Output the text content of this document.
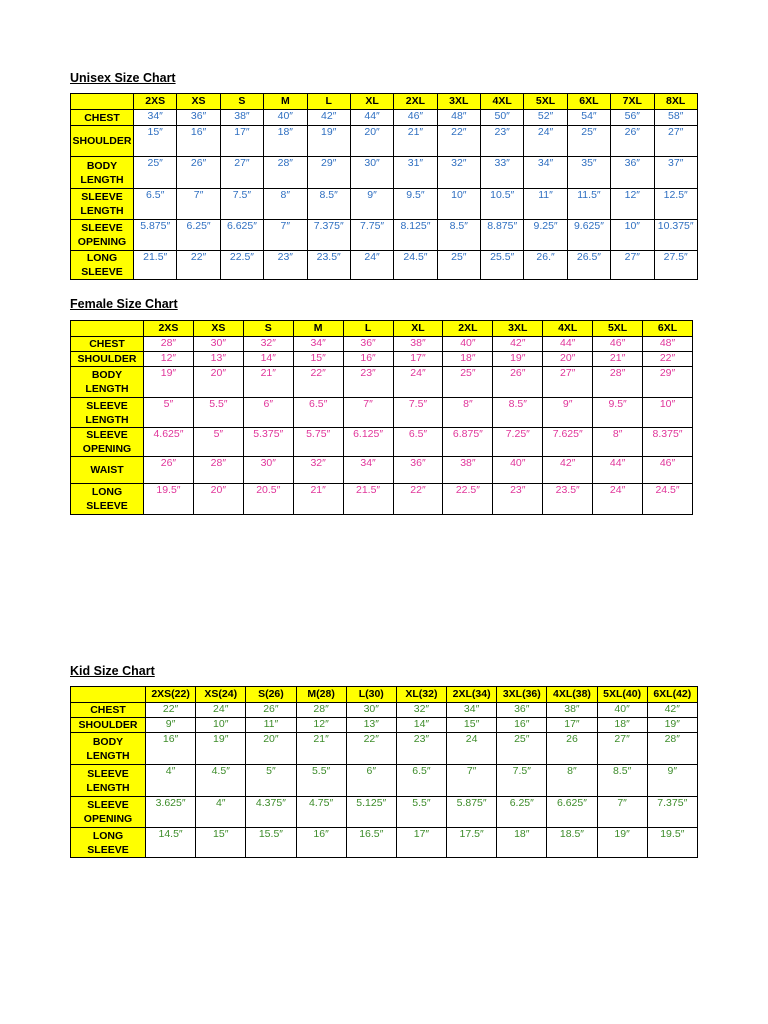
Unisex Size Chart
	2XS	XS	S	M	L	XL	2XL	3XL	4XL	5XL	6XL	7XL	8XL
CHEST	34″	36″	38″	40″	42″	44″	46″	48″	50″	52″	54″	56″	58″
SHOULDER	15″	16″	17″	18″	19″	20″	21″	22″	23″	24″	25″	26″	27″
BODY LENGTH	25″	26″	27″	28″	29″	30″	31″	32″	33″	34″	35″	36″	37″
SLEEVE LENGTH	6.5″	7″	7.5″	8″	8.5″	9″	9.5″	10″	10.5″	11″	11.5″	12″	12.5″
SLEEVE OPENING	5.875″	6.25″	6.625″	7″	7.375″	7.75″	8.125″	8.5″	8.875″	9.25″	9.625″	10″	10.375″
LONG SLEEVE	21.5″	22″	22.5″	23″	23.5″	24″	24.5″	25″	25.5″	26.″	26.5″	27″	27.5″
Female Size Chart
	2XS	XS	S	M	L	XL	2XL	3XL	4XL	5XL	6XL
CHEST	28″	30″	32″	34″	36″	38″	40″	42″	44″	46″	48″
SHOULDER	12″	13″	14″	15″	16″	17″	18″	19″	20″	21″	22″
BODY LENGTH	19″	20″	21″	22″	23″	24″	25″	26″	27″	28″	29″
SLEEVE LENGTH	5″	5.5″	6″	6.5″	7″	7.5″	8″	8.5″	9″	9.5″	10″
SLEEVE OPENING	4.625″	5″	5.375″	5.75″	6.125″	6.5″	6.875″	7.25″	7.625″	8″	8.375″
WAIST	26″	28″	30″	32″	34″	36″	38″	40″	42″	44″	46″
LONG SLEEVE	19.5″	20″	20.5″	21″	21.5″	22″	22.5″	23″	23.5″	24″	24.5″
Kid Size Chart
	2XS(22)	XS(24)	S(26)	M(28)	L(30)	XL(32)	2XL(34)	3XL(36)	4XL(38)	5XL(40)	6XL(42)
CHEST	22″	24″	26″	28″	30″	32″	34″	36″	38″	40″	42″
SHOULDER	9″	10″	11″	12″	13″	14″	15″	16″	17″	18″	19″
BODY LENGTH	16″	19″	20″	21″	22″	23″	24	25″	26	27″	28″
SLEEVE LENGTH	4″	4.5″	5″	5.5″	6″	6.5″	7″	7.5″	8″	8.5″	9″
SLEEVE OPENING	3.625″	4″	4.375″	4.75″	5.125″	5.5″	5.875″	6.25″	6.625″	7″	7.375″
LONG SLEEVE	14.5″	15″	15.5″	16″	16.5″	17″	17.5″	18″	18.5″	19″	19.5″
